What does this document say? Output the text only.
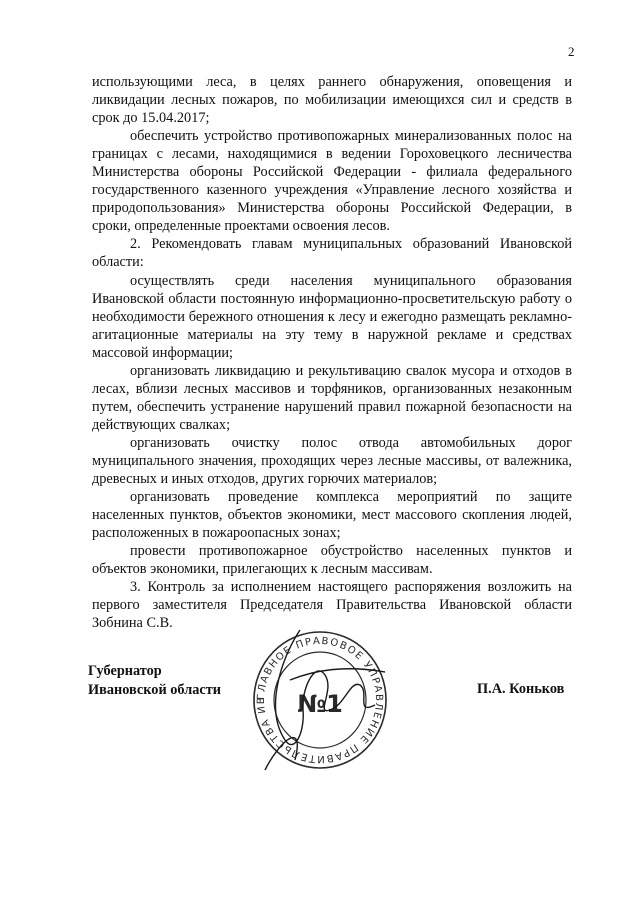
2

использующими леса, в целях раннего обнаружения, оповещения и ликвидации лесных пожаров, по мобилизации имеющихся сил и средств в срок до 15.04.2017;

обеспечить устройство противопожарных минерализованных полос на границах с лесами, находящимися в ведении Гороховецкого лесничества Министерства обороны Российской Федерации - филиала федерального государственного казенного учреждения «Управление лесного хозяйства и природопользования» Министерства обороны Российской Федерации, в сроки, определенные проектами освоения лесов.

2. Рекомендовать главам муниципальных образований Ивановской области:

осуществлять среди населения муниципального образования Ивановской области постоянную информационно-просветительскую работу о необходимости бережного отношения к лесу и ежегодно размещать рекламно-агитационные материалы на эту тему в наружной рекламе и средствах массовой информации;

организовать ликвидацию и рекультивацию свалок мусора и отходов в лесах, вблизи лесных массивов и торфяников, организованных незаконным путем, обеспечить устранение нарушений правил пожарной безопасности на действующих свалках;

организовать очистку полос отвода автомобильных дорог муниципального значения, проходящих через лесные массивы, от валежника, древесных и иных отходов, других горючих материалов;

организовать проведение комплекса мероприятий по защите населенных пунктов, объектов экономики, мест массового скопления людей, расположенных в пожароопасных зонах;

провести противопожарное обустройство населенных пунктов и объектов экономики, прилегающих к лесным массивам.

3. Контроль за исполнением настоящего распоряжения возложить на первого заместителя Председателя Правительства Ивановской области Зобнина С.В.

Губернатор
Ивановской области	ГЛАВНОЕ ПРАВОВОЕ УПРАВЛЕНИЕ ПРАВИТЕЛЬСТВА ИВ	№1
П.А. Коньков
